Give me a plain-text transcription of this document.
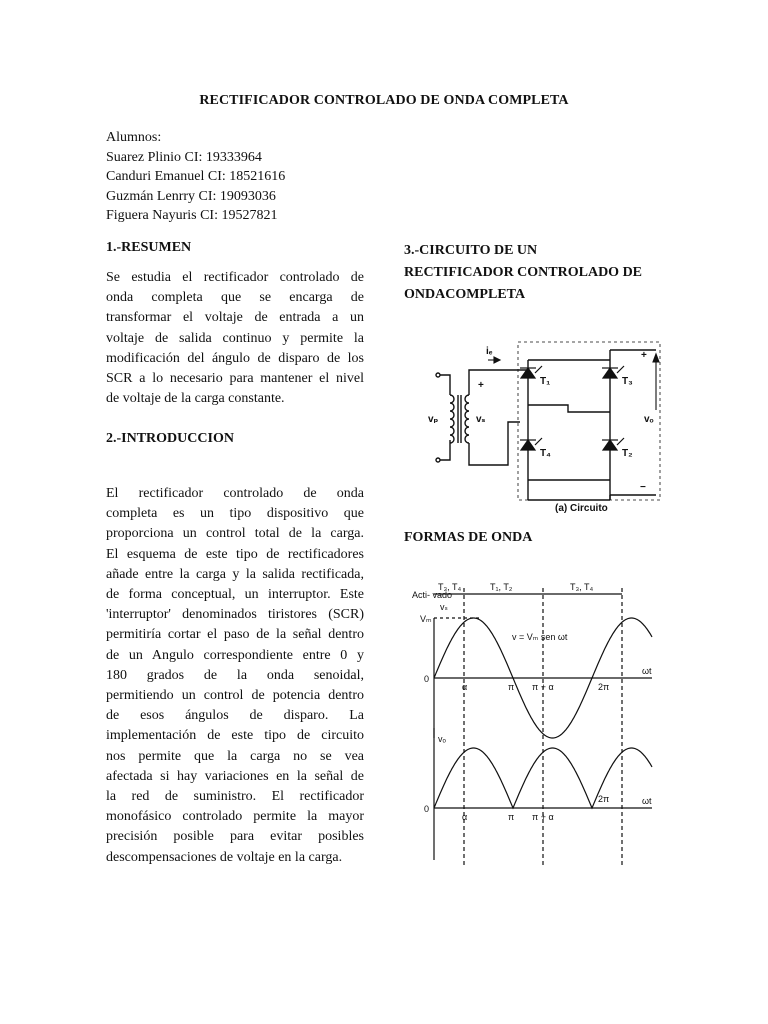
RECTIFICADOR CONTROLADO DE ONDA COMPLETA
Alumnos:
Suarez Plinio CI: 19333964
Canduri Emanuel CI: 18521616
Guzmán Lenrry CI: 19093036
Figuera Nayuris CI: 19527821
1.-RESUMEN
Se estudia el rectificador controlado de
onda completa que se encarga de
transformar el voltaje de entrada a un
voltaje de salida continuo y permite la
modificación del ángulo de disparo de los
SCR a lo necesario para mantener el nivel
de voltaje de la carga constante.
2.-INTRODUCCION
El rectificador controlado de onda
completa es un tipo dispositivo que
proporciona un control total de la carga.
El esquema de este tipo de rectificadores
añade entre la carga y la salida rectificada,
de forma conceptual, un interruptor. Este
'interruptor' denominados tiristores (SCR)
permitiría cortar el paso de la señal dentro
de un Angulo correspondiente entre 0 y
180 grados de la onda senoidal,
permitiendo un control de potencia dentro
de esos ángulos de disparo. La
implementación de este tipo de circuito
nos permite que la carga no se vea
afectada si hay variaciones en la señal de
la red de suministro. El rectificador
monofásico controlado permite la mayor
precisión posible para evitar posibles
descompensaciones de voltaje en la carga.
3.-CIRCUITO DE UN
RECTIFICADOR CONTROLADO DE
ONDACOMPLETA
iₑ
vₚ	vₛ
+	T₁
T₄
T₃
T₂
+
−
vₒ
(a) Circuito
FORMAS DE ONDA
Acti- vado
T₃, T₄	T₁, T₂	T₃, T₄
vₛ
Vₘ
v = Vₘ sen ωt
0
α	π π + α	2π
ωt
vₒ
0
α	π π + α
2π	ωt
